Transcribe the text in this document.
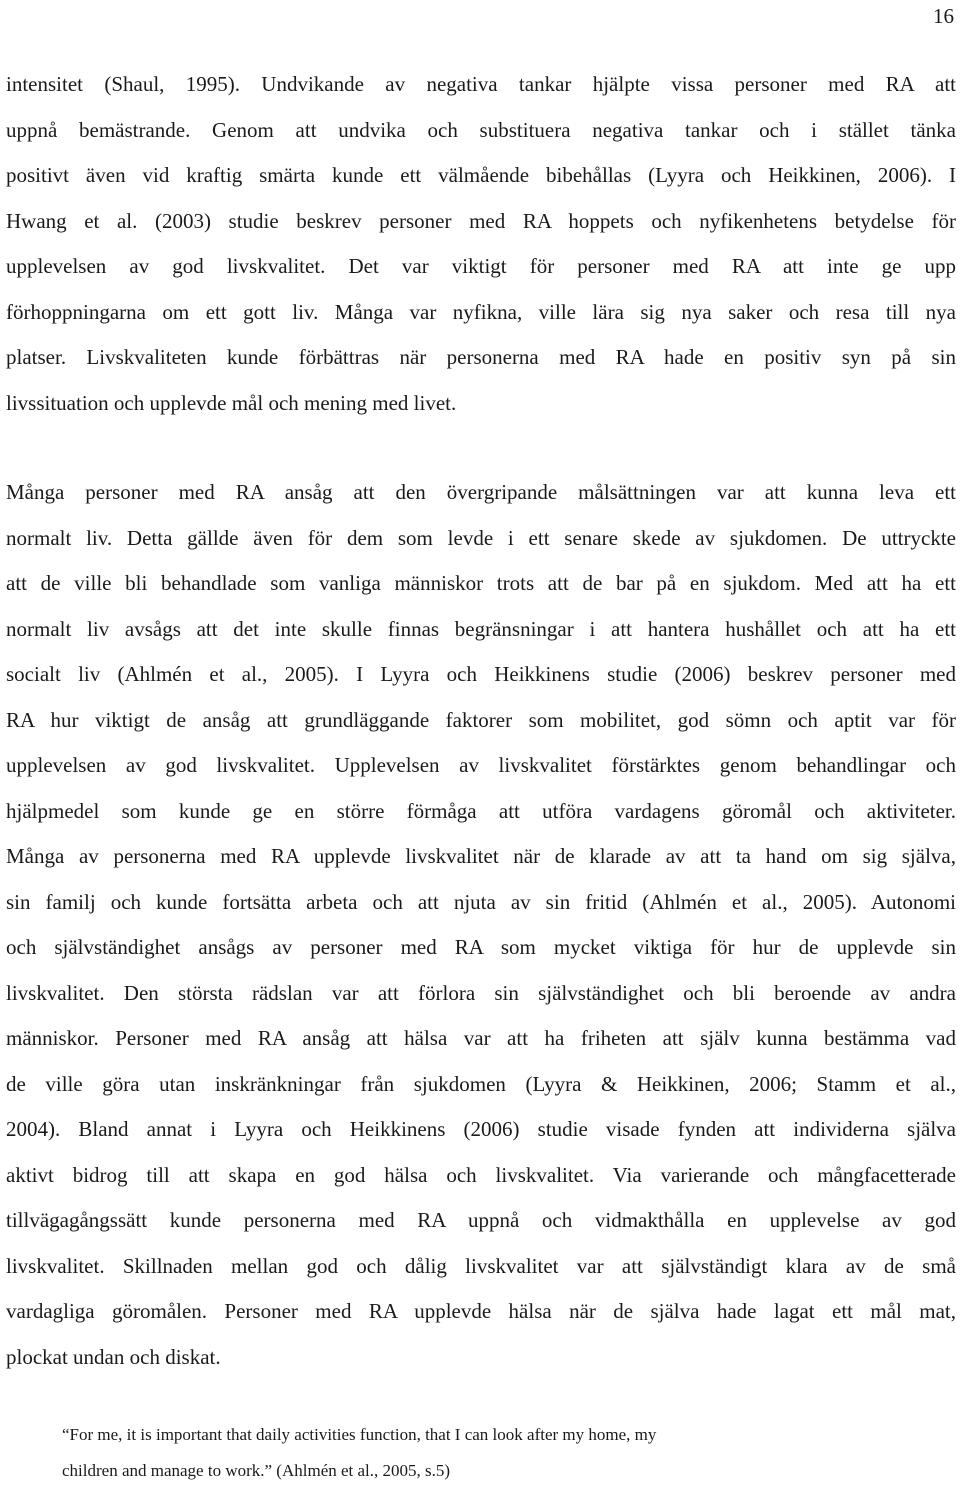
16
intensitet (Shaul, 1995). Undvikande av negativa tankar hjälpte vissa personer med RA att
uppnå bemästrande. Genom att undvika och substituera negativa tankar och i stället tänka
positivt även vid kraftig smärta kunde ett välmående bibehållas (Lyyra och Heikkinen, 2006). I
Hwang et al. (2003) studie beskrev personer med RA hoppets och nyfikenhetens betydelse för
upplevelsen av god livskvalitet. Det var viktigt för personer med RA att inte ge upp
förhoppningarna om ett gott liv. Många var nyfikna, ville lära sig nya saker och resa till nya
platser. Livskvaliteten kunde förbättras när personerna med RA hade en positiv syn på sin
livssituation och upplevde mål och mening med livet.
Många personer med RA ansåg att den övergripande målsättningen var att kunna leva ett
normalt liv. Detta gällde även för dem som levde i ett senare skede av sjukdomen. De uttryckte
att de ville bli behandlade som vanliga människor trots att de bar på en sjukdom. Med att ha ett
normalt liv avsågs att det inte skulle finnas begränsningar i att hantera hushållet och att ha ett
socialt liv (Ahlmén et al., 2005). I Lyyra och Heikkinens studie (2006) beskrev personer med
RA hur viktigt de ansåg att grundläggande faktorer som mobilitet, god sömn och aptit var för
upplevelsen av god livskvalitet. Upplevelsen av livskvalitet förstärktes genom behandlingar och
hjälpmedel som kunde ge en större förmåga att utföra vardagens göromål och aktiviteter.
Många av personerna med RA upplevde livskvalitet när de klarade av att ta hand om sig själva,
sin familj och kunde fortsätta arbeta och att njuta av sin fritid (Ahlmén et al., 2005). Autonomi
och självständighet ansågs av personer med RA som mycket viktiga för hur de upplevde sin
livskvalitet. Den största rädslan var att förlora sin självständighet och bli beroende av andra
människor. Personer med RA ansåg att hälsa var att ha friheten att själv kunna bestämma vad
de ville göra utan inskränkningar från sjukdomen (Lyyra & Heikkinen, 2006; Stamm et al.,
2004). Bland annat i Lyyra och Heikkinens (2006) studie visade fynden att individerna själva
aktivt bidrog till att skapa en god hälsa och livskvalitet. Via varierande och mångfacetterade
tillvägagångssätt kunde personerna med RA uppnå och vidmakthålla en upplevelse av god
livskvalitet. Skillnaden mellan god och dålig livskvalitet var att självständigt klara av de små
vardagliga göromålen. Personer med RA upplevde hälsa när de själva hade lagat ett mål mat,
plockat undan och diskat.
“For me, it is important that daily activities function, that I can look after my home, my
children and manage to work.” (Ahlmén et al., 2005, s.5)
